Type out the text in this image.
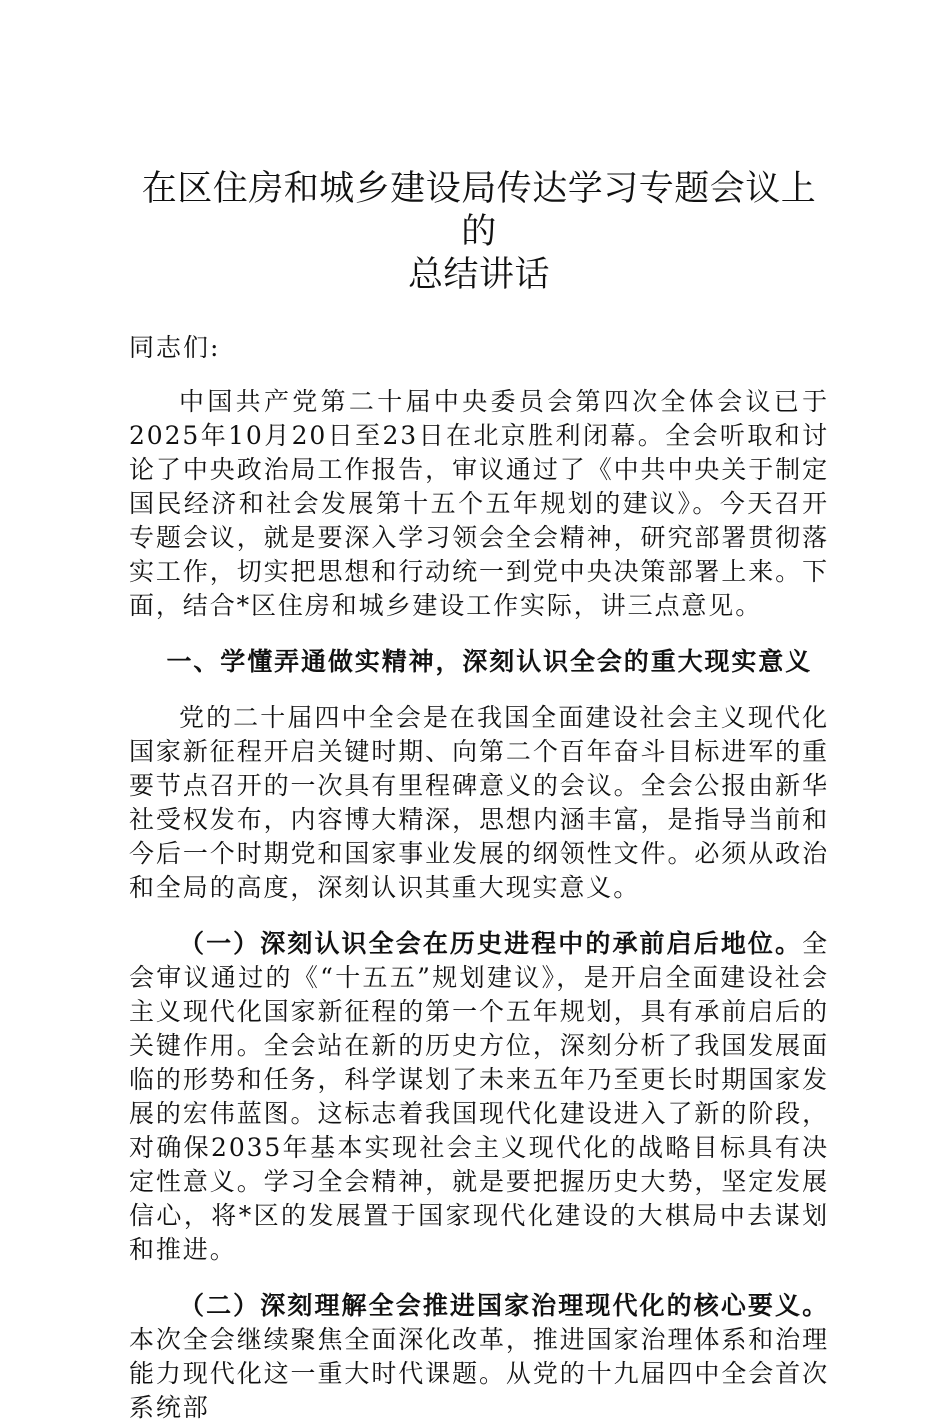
在区住房和城乡建设局传达学习专题会议上的
总结讲话
同志们:

中国共产党第二十届中央委员会第四次全体会议已于2025年10月20日至23日在北京胜利闭幕。全会听取和讨论了中央政治局工作报告，审议通过了《中共中央关于制定国民经济和社会发展第十五个五年规划的建议》。今天召开专题会议，就是要深入学习领会全会精神，研究部署贯彻落实工作，切实把思想和行动统一到党中央决策部署上来。下面，结合*区住房和城乡建设工作实际，讲三点意见。

一、学懂弄通做实精神，深刻认识全会的重大现实意义

党的二十届四中全会是在我国全面建设社会主义现代化国家新征程开启关键时期、向第二个百年奋斗目标进军的重要节点召开的一次具有里程碑意义的会议。全会公报由新华社受权发布，内容博大精深，思想内涵丰富，是指导当前和今后一个时期党和国家事业发展的纲领性文件。必须从政治和全局的高度，深刻认识其重大现实意义。

（一）深刻认识全会在历史进程中的承前启后地位。全会审议通过的《“十五五”规划建议》，是开启全面建设社会主义现代化国家新征程的第一个五年规划，具有承前启后的关键作用。全会站在新的历史方位，深刻分析了我国发展面临的形势和任务，科学谋划了未来五年乃至更长时期国家发展的宏伟蓝图。这标志着我国现代化建设进入了新的阶段，对确保2035年基本实现社会主义现代化的战略目标具有决定性意义。学习全会精神，就是要把握历史大势，坚定发展信心，将*区的发展置于国家现代化建设的大棋局中去谋划和推进。

（二）深刻理解全会推进国家治理现代化的核心要义。本次全会继续聚焦全面深化改革，推进国家治理体系和治理能力现代化这一重大时代课题。从党的十九届四中全会首次系统部
